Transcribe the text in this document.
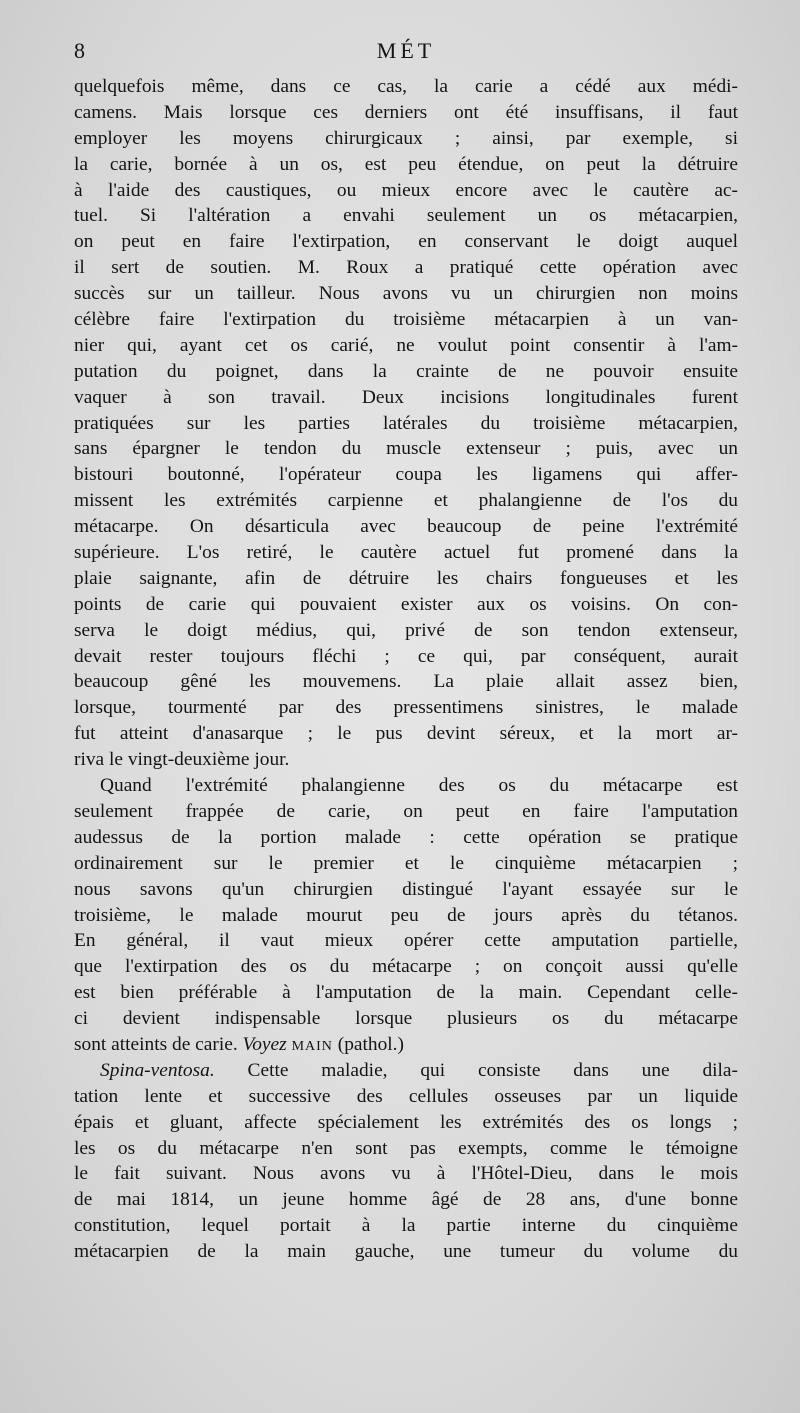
8	MÉT
quelquefois même, dans ce cas, la carie a cédé aux médi-
camens. Mais lorsque ces derniers ont été insuffisans, il faut
employer les moyens chirurgicaux ; ainsi, par exemple, si
la carie, bornée à un os, est peu étendue, on peut la détruire
à l'aide des caustiques, ou mieux encore avec le cautère ac-
tuel. Si l'altération a envahi seulement un os métacarpien,
on peut en faire l'extirpation, en conservant le doigt auquel
il sert de soutien. M. Roux a pratiqué cette opération avec
succès sur un tailleur. Nous avons vu un chirurgien non moins
célèbre faire l'extirpation du troisième métacarpien à un van-
nier qui, ayant cet os carié, ne voulut point consentir à l'am-
putation du poignet, dans la crainte de ne pouvoir ensuite
vaquer à son travail. Deux incisions longitudinales furent
pratiquées sur les parties latérales du troisième métacarpien,
sans épargner le tendon du muscle extenseur ; puis, avec un
bistouri boutonné, l'opérateur coupa les ligamens qui affer-
missent les extrémités carpienne et phalangienne de l'os du
métacarpe. On désarticula avec beaucoup de peine l'extrémité
supérieure. L'os retiré, le cautère actuel fut promené dans la
plaie saignante, afin de détruire les chairs fongueuses et les
points de carie qui pouvaient exister aux os voisins. On con-
serva le doigt médius, qui, privé de son tendon extenseur,
devait rester toujours fléchi ; ce qui, par conséquent, aurait
beaucoup gêné les mouvemens. La plaie allait assez bien,
lorsque, tourmenté par des pressentimens sinistres, le malade
fut atteint d'anasarque ; le pus devint séreux, et la mort ar-
riva le vingt-deuxième jour.
Quand l'extrémité phalangienne des os du métacarpe est
seulement frappée de carie, on peut en faire l'amputation
audessus de la portion malade : cette opération se pratique
ordinairement sur le premier et le cinquième métacarpien ;
nous savons qu'un chirurgien distingué l'ayant essayée sur le
troisième, le malade mourut peu de jours après du tétanos.
En général, il vaut mieux opérer cette amputation partielle,
que l'extirpation des os du métacarpe ; on conçoit aussi qu'elle
est bien préférable à l'amputation de la main. Cependant celle-
ci devient indispensable lorsque plusieurs os du métacarpe
sont atteints de carie. Voyez main (pathol.)
Spina-ventosa. Cette maladie, qui consiste dans une dila-
tation lente et successive des cellules osseuses par un liquide
épais et gluant, affecte spécialement les extrémités des os longs ;
les os du métacarpe n'en sont pas exempts, comme le témoigne
le fait suivant. Nous avons vu à l'Hôtel-Dieu, dans le mois
de mai 1814, un jeune homme âgé de 28 ans, d'une bonne
constitution, lequel portait à la partie interne du cinquième
métacarpien de la main gauche, une tumeur du volume du
